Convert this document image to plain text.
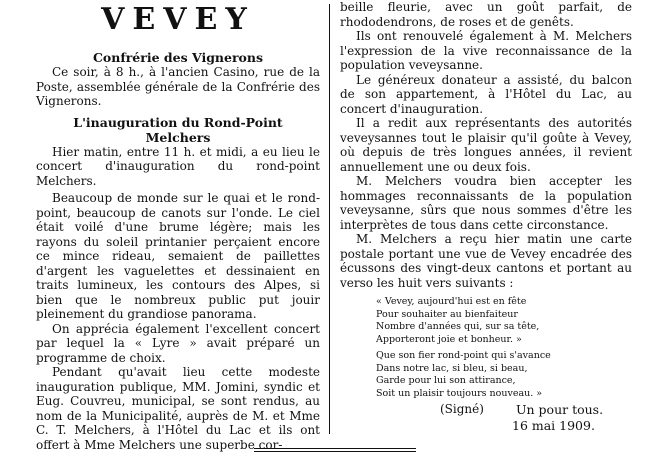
VEVEY
Confrérie des Vignerons

Ce soir, à 8 h., à l'ancien Casino, rue de la Poste, assemblée générale de la Confrérie des Vignerons.

L'inauguration du Rond-Point
Melchers

Hier matin, entre 11 h. et midi, a eu lieu le concert d'inauguration du rond-point Melchers.

Beaucoup de monde sur le quai et le rond-point, beaucoup de canots sur l'onde. Le ciel était voilé d'une brume légère; mais les rayons du soleil printanier perçaient encore ce mince rideau, semaient de paillettes d'argent les vaguelettes et dessinaient en traits lumineux, les contours des Alpes, si bien que le nombreux public put jouir pleinement du grandiose panorama.

On apprécia également l'excellent concert par lequel la « Lyre » avait préparé un programme de choix.

Pendant qu'avait lieu cette modeste inauguration publique, MM. Jomini, syndic et Eug. Couvreu, municipal, se sont rendus, au nom de la Municipalité, auprès de M. et Mme C. T. Melchers, à l'Hôtel du Lac et ils ont offert à Mme Melchers une superbe cor-

beille fleurie, avec un goût parfait, de rhododendrons, de roses et de genêts.

Ils ont renouvelé également à M. Melchers l'expression de la vive reconnaissance de la population veveysanne.

Le généreux donateur a assisté, du balcon de son appartement, à l'Hôtel du Lac, au concert d'inauguration.

Il a redit aux représentants des autorités veveysannes tout le plaisir qu'il goûte à Vevey, où depuis de très longues années, il revient annuellement une ou deux fois.

M. Melchers voudra bien accepter les hommages reconnaissants de la population veveysanne, sûrs que nous sommes d'être les interprètes de tous dans cette circonstance.

M. Melchers a reçu hier matin une carte postale portant une vue de Vevey encadrée des écussons des vingt-deux cantons et portant au verso les huit vers suivants :

« Vevey, aujourd'hui est en fête
Pour souhaiter au bienfaiteur
Nombre d'années qui, sur sa tête,
Apporteront joie et bonheur. »
Que son fier rond-point qui s'avance
Dans notre lac, si bleu, si beau,
Garde pour lui son attirance,
Soit un plaisir toujours nouveau. »
(Signé)	Un pour tous.
16 mai 1909.
